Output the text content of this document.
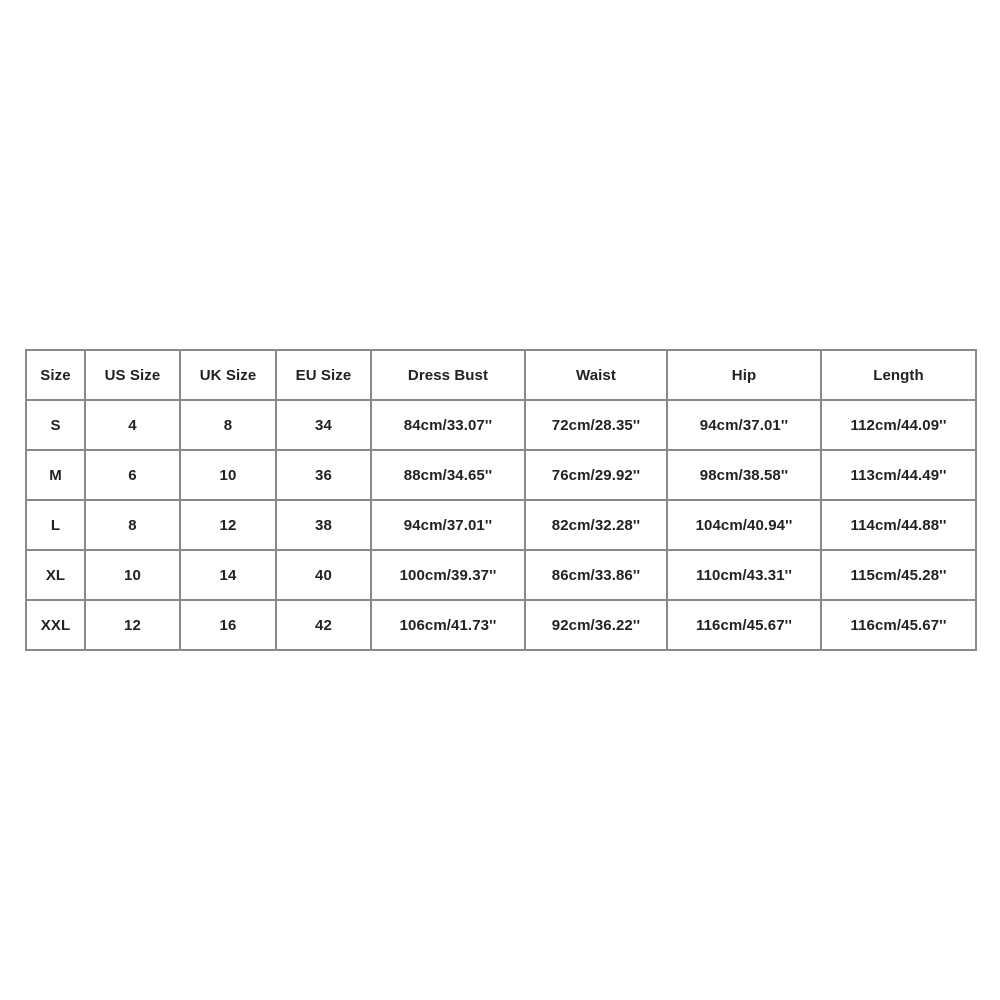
Size	US Size	UK Size	EU Size	Dress Bust	Waist	Hip	Length
S	4	8	34	84cm/33.07''	72cm/28.35''	94cm/37.01''	112cm/44.09''
M	6	10	36	88cm/34.65''	76cm/29.92''	98cm/38.58''	113cm/44.49''
L	8	12	38	94cm/37.01''	82cm/32.28''	104cm/40.94''	114cm/44.88''
XL	10	14	40	100cm/39.37''	86cm/33.86''	110cm/43.31''	115cm/45.28''
XXL	12	16	42	106cm/41.73''	92cm/36.22''	116cm/45.67''	116cm/45.67''
